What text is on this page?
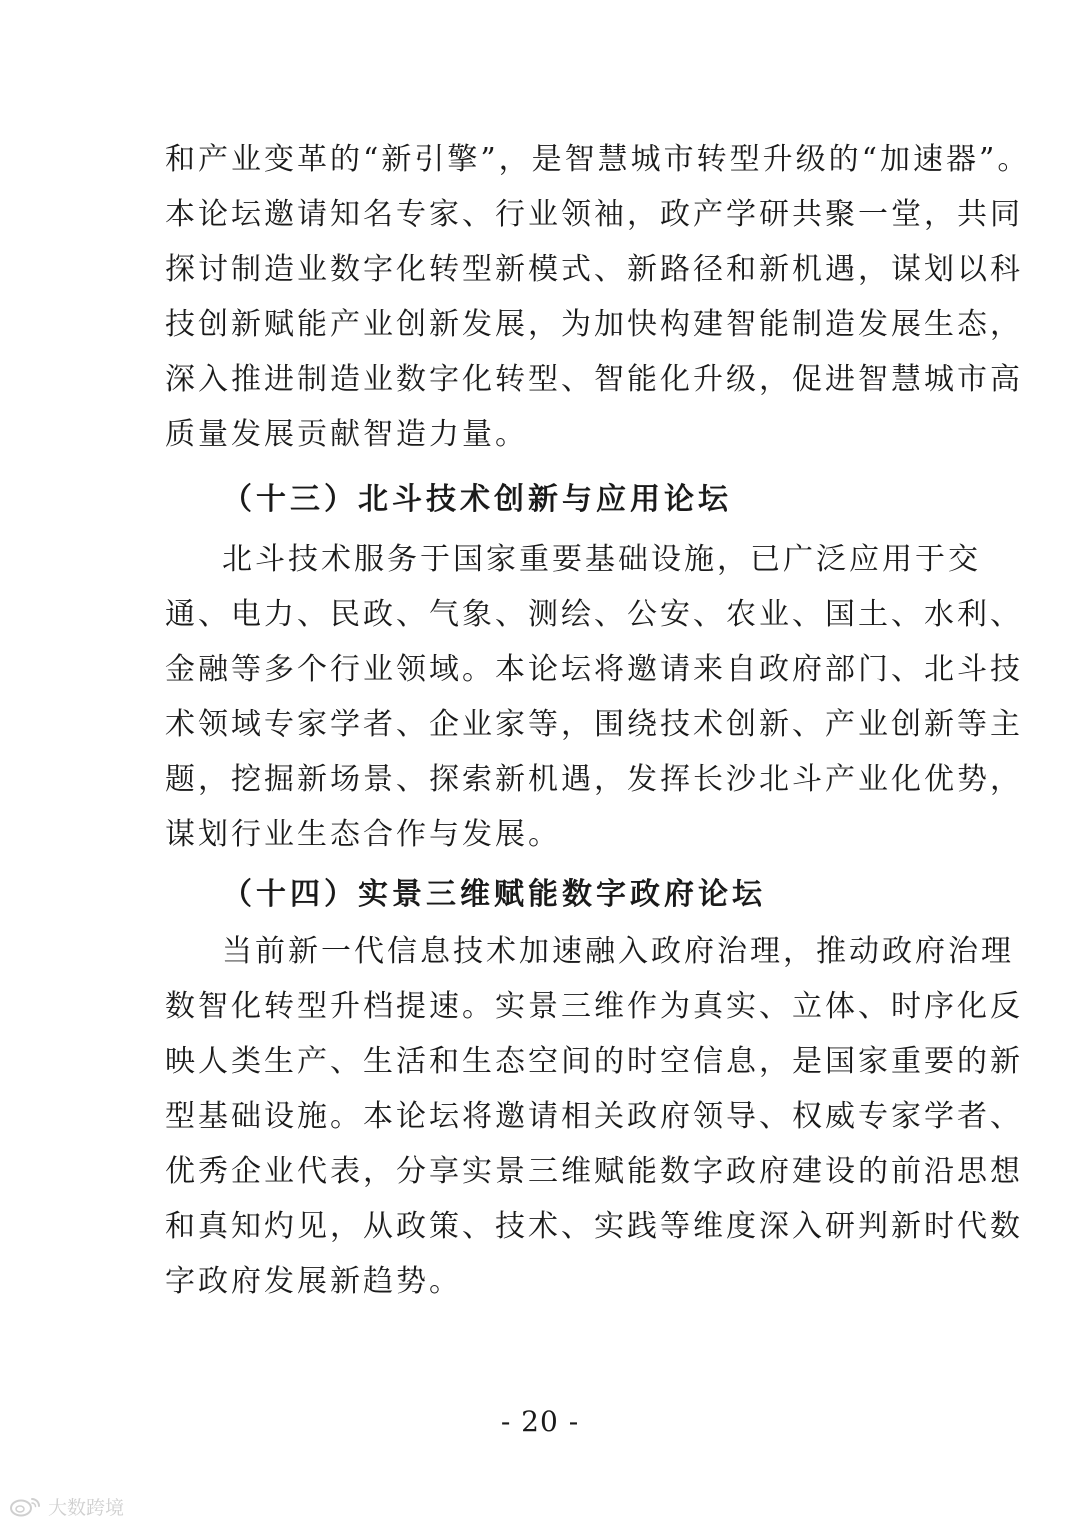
和产业变革的“新引擎”，是智慧城市转型升级的“加速器”。
本论坛邀请知名专家、行业领袖，政产学研共聚一堂，共同
探讨制造业数字化转型新模式、新路径和新机遇，谋划以科
技创新赋能产业创新发展，为加快构建智能制造发展生态，
深入推进制造业数字化转型、智能化升级，促进智慧城市高
质量发展贡献智造力量。
（十三）北斗技术创新与应用论坛
北斗技术服务于国家重要基础设施，已广泛应用于交
通、电力、民政、气象、测绘、公安、农业、国土、水利、
金融等多个行业领域。本论坛将邀请来自政府部门、北斗技
术领域专家学者、企业家等，围绕技术创新、产业创新等主
题，挖掘新场景、探索新机遇，发挥长沙北斗产业化优势，
谋划行业生态合作与发展。
（十四）实景三维赋能数字政府论坛
当前新一代信息技术加速融入政府治理，推动政府治理
数智化转型升档提速。实景三维作为真实、立体、时序化反
映人类生产、生活和生态空间的时空信息，是国家重要的新
型基础设施。本论坛将邀请相关政府领导、权威专家学者、
优秀企业代表，分享实景三维赋能数字政府建设的前沿思想
和真知灼见，从政策、技术、实践等维度深入研判新时代数
字政府发展新趋势。
- 20 -
大数跨境
